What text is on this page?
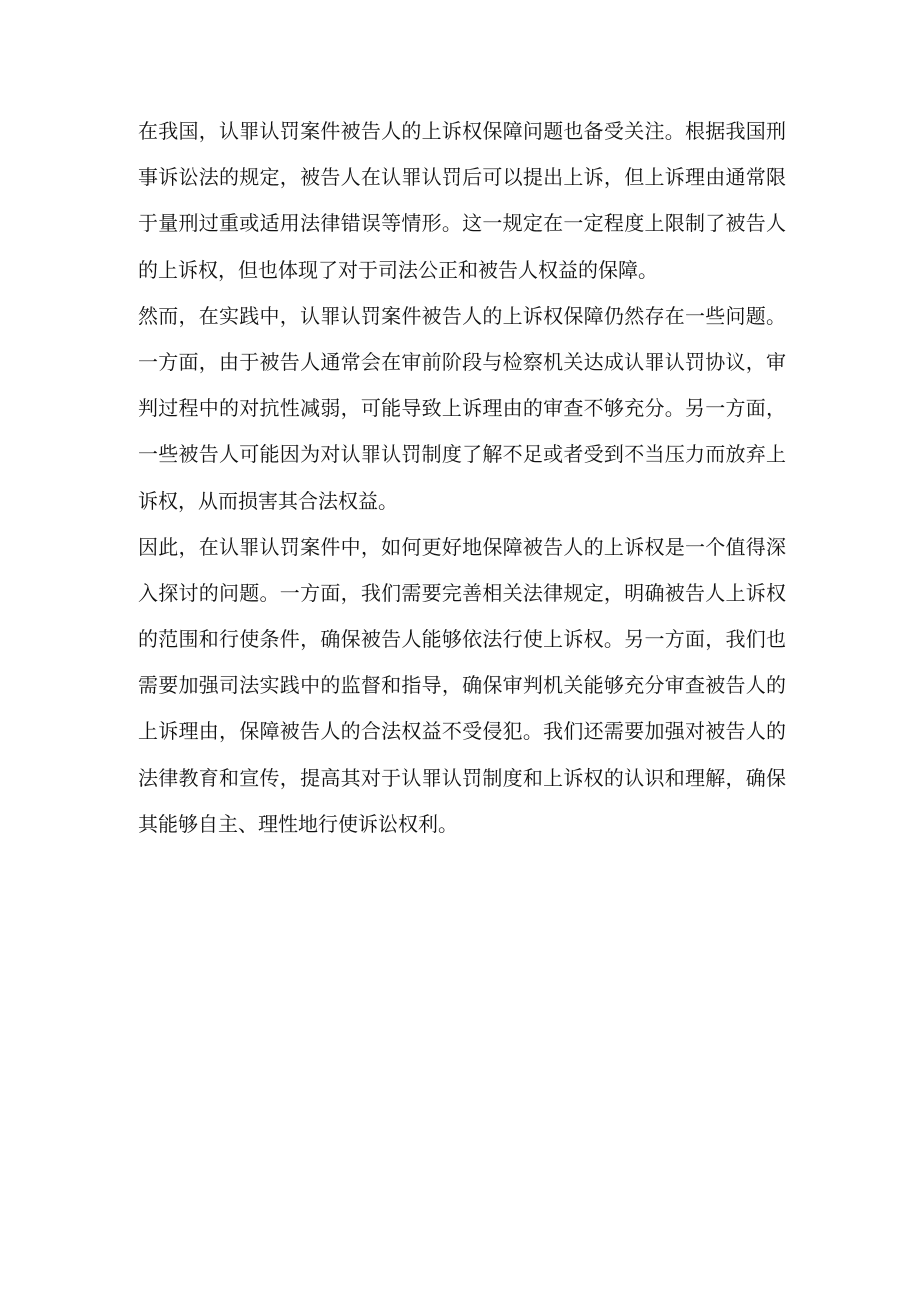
在我国，认罪认罚案件被告人的上诉权保障问题也备受关注。根据我国刑
事诉讼法的规定，被告人在认罪认罚后可以提出上诉，但上诉理由通常限
于量刑过重或适用法律错误等情形。这一规定在一定程度上限制了被告人
的上诉权，但也体现了对于司法公正和被告人权益的保障。
然而，在实践中，认罪认罚案件被告人的上诉权保障仍然存在一些问题。
一方面，由于被告人通常会在审前阶段与检察机关达成认罪认罚协议，审
判过程中的对抗性减弱，可能导致上诉理由的审查不够充分。另一方面，
一些被告人可能因为对认罪认罚制度了解不足或者受到不当压力而放弃上
诉权，从而损害其合法权益。
因此，在认罪认罚案件中，如何更好地保障被告人的上诉权是一个值得深
入探讨的问题。一方面，我们需要完善相关法律规定，明确被告人上诉权
的范围和行使条件，确保被告人能够依法行使上诉权。另一方面，我们也
需要加强司法实践中的监督和指导，确保审判机关能够充分审查被告人的
上诉理由，保障被告人的合法权益不受侵犯。我们还需要加强对被告人的
法律教育和宣传，提高其对于认罪认罚制度和上诉权的认识和理解，确保
其能够自主、理性地行使诉讼权利。
